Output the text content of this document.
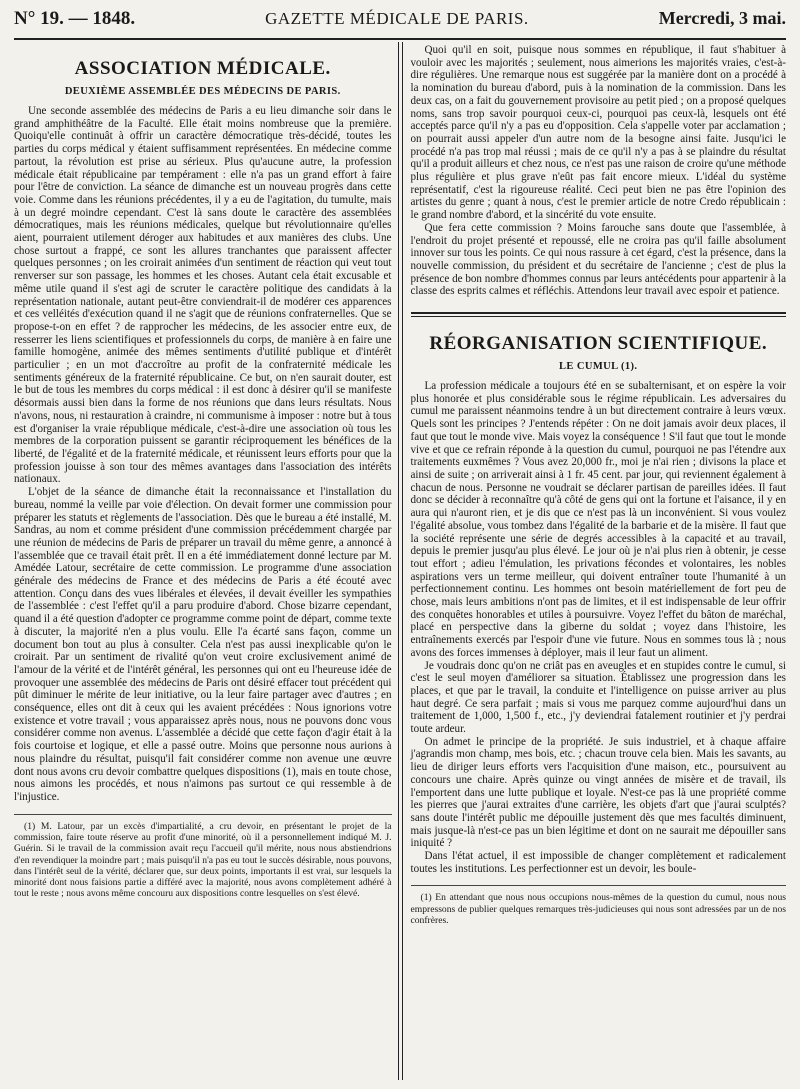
N° 19. — 1848.	GAZETTE MÉDICALE DE PARIS.	Mercredi, 3 mai.
ASSOCIATION MÉDICALE.
DEUXIÈME ASSEMBLÉE DES MÉDECINS DE PARIS.

Une seconde assemblée des médecins de Paris a eu lieu dimanche soir dans le grand amphithéâtre de la Faculté. Elle était moins nombreuse que la première. Quoiqu'elle continuât à offrir un caractère démocratique très-décidé, toutes les parties du corps médical y étaient suffisamment représentées. En médecine comme partout, la révolution est prise au sérieux. Plus qu'aucune autre, la profession médicale était républicaine par tempérament : elle n'a pas un grand effort à faire pour l'être de conviction. La séance de dimanche est un nouveau progrès dans cette voie. Comme dans les réunions précédentes, il y a eu de l'agitation, du tumulte, mais à un degré moindre cependant. C'est là sans doute le caractère des assemblées démocratiques, mais les réunions médicales, quelque but révolutionnaire qu'elles aient, pourraient utilement déroger aux habitudes et aux manières des clubs. Une chose surtout a frappé, ce sont les allures tranchantes que paraissent affecter quelques personnes ; on les croirait animées d'un sentiment de réaction qui veut tout renverser sur son passage, les hommes et les choses. Autant cela était excusable et même utile quand il s'est agi de scruter le caractère politique des candidats à la représentation nationale, autant peut-être conviendrait-il de modérer ces apparences et ces velléités d'exécution quand il ne s'agit que de réunions confraternelles. Que se propose-t-on en effet ? de rapprocher les médecins, de les associer entre eux, de resserrer les liens scientifiques et professionnels du corps, de manière à en faire une famille homogène, animée des mêmes sentiments d'utilité publique et d'intérêt particulier ; en un mot d'accroître au profit de la confraternité médicale les sentiments généreux de la fraternité républicaine. Ce but, on n'en saurait douter, est le but de tous les membres du corps médical : il est donc à désirer qu'il se manifeste désormais aussi bien dans la forme de nos réunions que dans leurs résultats. Nous n'avons, nous, ni restauration à craindre, ni communisme à imposer : notre but à tous est d'organiser la vraie république médicale, c'est-à-dire une association où tous les membres de la corporation puissent se garantir réciproquement les bénéfices de la liberté, de l'égalité et de la fraternité médicale, et réunissent leurs efforts pour que la profession jouisse à son tour des mêmes avantages dans l'association des intérêts nationaux.

L'objet de la séance de dimanche était la reconnaissance et l'installation du bureau, nommé la veille par voie d'élection. On devait former une commission pour préparer les statuts et règlements de l'association. Dès que le bureau a été installé, M. Sandras, au nom et comme président d'une commission précédemment chargée par une réunion de médecins de Paris de préparer un travail du même genre, a annoncé à l'assemblée que ce travail était prêt. Il en a été immédiatement donné lecture par M. Amédée Latour, secrétaire de cette commission. Le programme d'une association générale des médecins de France et des médecins de Paris a été écouté avec attention. Conçu dans des vues libérales et élevées, il devait éveiller les sympathies de l'assemblée : c'est l'effet qu'il a paru produire d'abord. Chose bizarre cependant, quand il a été question d'adopter ce programme comme point de départ, comme texte à discuter, la majorité n'en a plus voulu. Elle l'a écarté sans façon, comme un document bon tout au plus à consulter. Cela n'est pas aussi inexplicable qu'on le croirait. Par un sentiment de rivalité qu'on veut croire exclusivement animé de l'amour de la vérité et de l'intérêt général, les personnes qui ont eu l'heureuse idée de provoquer une assemblée des médecins de Paris ont désiré effacer tout précédent qui pût diminuer le mérite de leur initiative, ou la leur faire partager avec d'autres ; en conséquence, elles ont dit à ceux qui les avaient précédées : Nous ignorions votre existence et votre travail ; vous apparaissez après nous, nous ne pouvons donc vous considérer comme non avenus. L'assemblée a décidé que cette façon d'agir était à la fois courtoise et logique, et elle a passé outre. Moins que personne nous aurions à nous plaindre du résultat, puisqu'il fait considérer comme non avenue une œuvre dont nous avons cru devoir combattre quelques dispositions (1), mais en toute chose, nous aimons les procédés, et nous n'aimons pas surtout ce qui ressemble à de l'injustice.

(1) M. Latour, par un excès d'impartialité, a cru devoir, en présentant le projet de la commission, faire toute réserve au profit d'une minorité, où il a personnellement indiqué M. J. Guérin. Si le travail de la commission avait reçu l'accueil qu'il mérite, nous nous abstiendrions d'en revendiquer la moindre part ; mais puisqu'il n'a pas eu tout le succès désirable, nous pouvons, dans l'intérêt seul de la vérité, déclarer que, sur deux points, importants il est vrai, sur lesquels la minorité dont nous faisions partie a différé avec la majorité, nous avons complètement adhéré à tout le reste ; nous avons même concouru aux dispositions contre lesquelles on s'est élevé.

Quoi qu'il en soit, puisque nous sommes en république, il faut s'habituer à vouloir avec les majorités ; seulement, nous aimerions les majorités vraies, c'est-à-dire régulières. Une remarque nous est suggérée par la manière dont on a procédé à la nomination du bureau d'abord, puis à la nomination de la commission. Dans les deux cas, on a fait du gouvernement provisoire au petit pied ; on a proposé quelques noms, sans trop savoir pourquoi ceux-ci, pourquoi pas ceux-là, lesquels ont été acceptés parce qu'il n'y a pas eu d'opposition. Cela s'appelle voter par acclamation ; on pourrait aussi appeler d'un autre nom de la besogne ainsi faite. Jusqu'ici le procédé n'a pas trop mal réussi ; mais de ce qu'il n'y a pas à se plaindre du résultat qu'il a produit ailleurs et chez nous, ce n'est pas une raison de croire qu'une méthode plus régulière et plus grave n'eût pas fait encore mieux. L'idéal du système représentatif, c'est la rigoureuse réalité. Ceci peut bien ne pas être l'opinion des artistes du genre ; quant à nous, c'est le premier article de notre Credo républicain : le grand nombre d'abord, et la sincérité du vote ensuite.

Que fera cette commission ? Moins farouche sans doute que l'assemblée, à l'endroit du projet présenté et repoussé, elle ne croira pas qu'il faille absolument innover sur tous les points. Ce qui nous rassure à cet égard, c'est la présence, dans la nouvelle commission, du président et du secrétaire de l'ancienne ; c'est de plus la présence de bon nombre d'hommes connus par leurs antécédents pour appartenir à la classe des esprits calmes et réfléchis. Attendons leur travail avec espoir et patience.

RÉORGANISATION SCIENTIFIQUE.
LE CUMUL (1).

La profession médicale a toujours été en se subalternisant, et on espère la voir plus honorée et plus considérable sous le régime républicain. Les adversaires du cumul me paraissent néanmoins tendre à un but directement contraire à leurs vœux. Quels sont les principes ? J'entends répéter : On ne doit jamais avoir deux places, il faut que tout le monde vive. Mais voyez la conséquence ! S'il faut que tout le monde vive et que ce refrain réponde à la question du cumul, pourquoi ne pas l'étendre aux traitements euxmêmes ? Vous avez 20,000 fr., moi je n'ai rien ; divisons la place et ainsi de suite ; on arriverait ainsi à 1 fr. 45 cent. par jour, qui reviennent également à chacun de nous. Personne ne voudrait se déclarer partisan de pareilles idées. Il faut donc se décider à reconnaître qu'à côté de gens qui ont la fortune et l'aisance, il y en aura qui n'auront rien, et je dis que ce n'est pas là un inconvénient. Si vous voulez l'égalité absolue, vous tombez dans l'égalité de la barbarie et de la misère. Il faut que la société représente une série de degrés accessibles à la capacité et au travail, depuis le premier jusqu'au plus élevé. Le jour où je n'ai plus rien à obtenir, je cesse tout effort ; adieu l'émulation, les privations fécondes et volontaires, les nobles aspirations vers un terme meilleur, qui doivent entraîner toute l'humanité à un perfectionnement continu. Les hommes ont besoin matériellement de fort peu de chose, mais leurs ambitions n'ont pas de limites, et il est indispensable de leur offrir des conquêtes honorables et utiles à poursuivre. Voyez l'effet du bâton de maréchal, placé en perspective dans la giberne du soldat ; voyez dans l'histoire, les entraînements exercés par l'espoir d'une vie future. Nous en sommes tous là ; nous avons des forces immenses à déployer, mais il leur faut un aliment.

Je voudrais donc qu'on ne criât pas en aveugles et en stupides contre le cumul, si c'est le seul moyen d'améliorer sa situation. Établissez une progression dans les places, et que par le travail, la conduite et l'intelligence on puisse arriver au plus haut degré. Ce sera parfait ; mais si vous me parquez comme aujourd'hui dans un traitement de 1,000, 1,500 f., etc., j'y deviendrai fatalement routinier et j'y perdrai toute ardeur.

On admet le principe de la propriété. Je suis industriel, et à chaque affaire j'agrandis mon champ, mes bois, etc. ; chacun trouve cela bien. Mais les savants, au lieu de diriger leurs efforts vers l'acquisition d'une maison, etc., poursuivent au concours une chaire. Après quinze ou vingt années de misère et de travail, ils l'emportent dans une lutte publique et loyale. N'est-ce pas là une propriété comme les pierres que j'aurai extraites d'une carrière, les objets d'art que j'aurai sculptés? sans doute l'intérêt public me dépouille justement dès que mes facultés diminuent, mais jusque-là n'est-ce pas un bien légitime et dont on ne saurait me dépouiller sans iniquité ?

Dans l'état actuel, il est impossible de changer complètement et radicalement toutes les institutions. Les perfectionner est un devoir, les boule-

(1) En attendant que nous nous occupions nous-mêmes de la question du cumul, nous nous empressons de publier quelques remarques très-judicieuses qui nous sont adressées par un de nos confrères.
